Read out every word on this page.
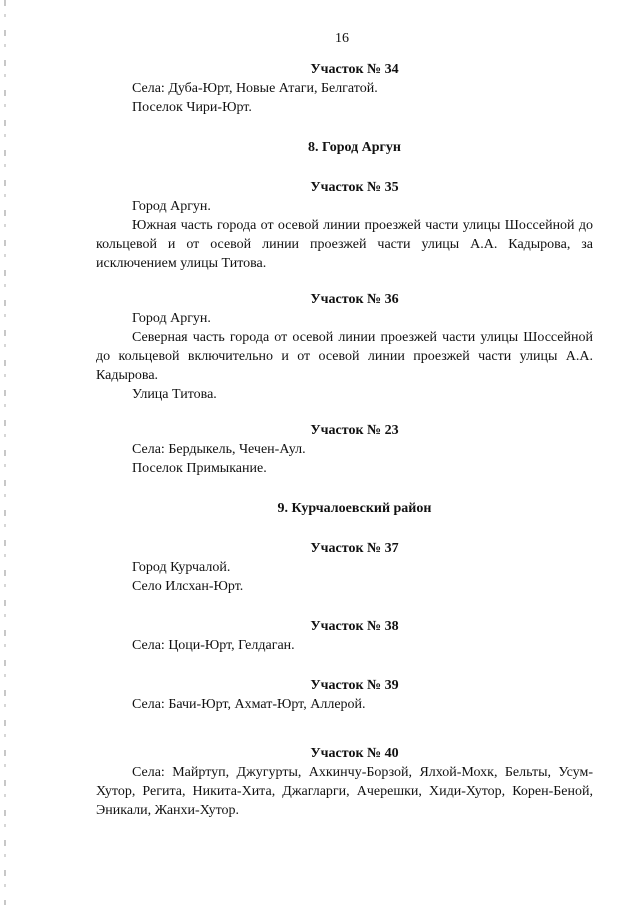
16

Участок № 34

Села: Дуба-Юрт, Новые Атаги, Белгатой.

Поселок Чири-Юрт.

8. Город Аргун

Участок № 35

Город Аргун.

Южная часть города от осевой линии проезжей части улицы Шоссейной до кольцевой и от осевой линии проезжей части улицы А.А. Кадырова, за исключением улицы Титова.

Участок № 36

Город Аргун.

Северная часть города от осевой линии проезжей части улицы Шоссейной до кольцевой включительно и от осевой линии проезжей части улицы А.А. Кадырова.

Улица Титова.

Участок № 23

Села: Бердыкель, Чечен-Аул.

Поселок Примыкание.

9. Курчалоевский район

Участок № 37

Город Курчалой.

Село Илсхан-Юрт.

Участок № 38

Села: Цоци-Юрт, Гелдаган.

Участок № 39

Села: Бачи-Юрт, Ахмат-Юрт, Аллерой.

Участок № 40

Села: Майртуп, Джугурты, Ахкинчу-Борзой, Ялхой-Мохк, Бельты, Усум-Хутор, Регита, Никита-Хита, Джагларги, Ачерешки, Хиди-Хутор, Корен-Беной, Эникали, Жанхи-Хутор.
